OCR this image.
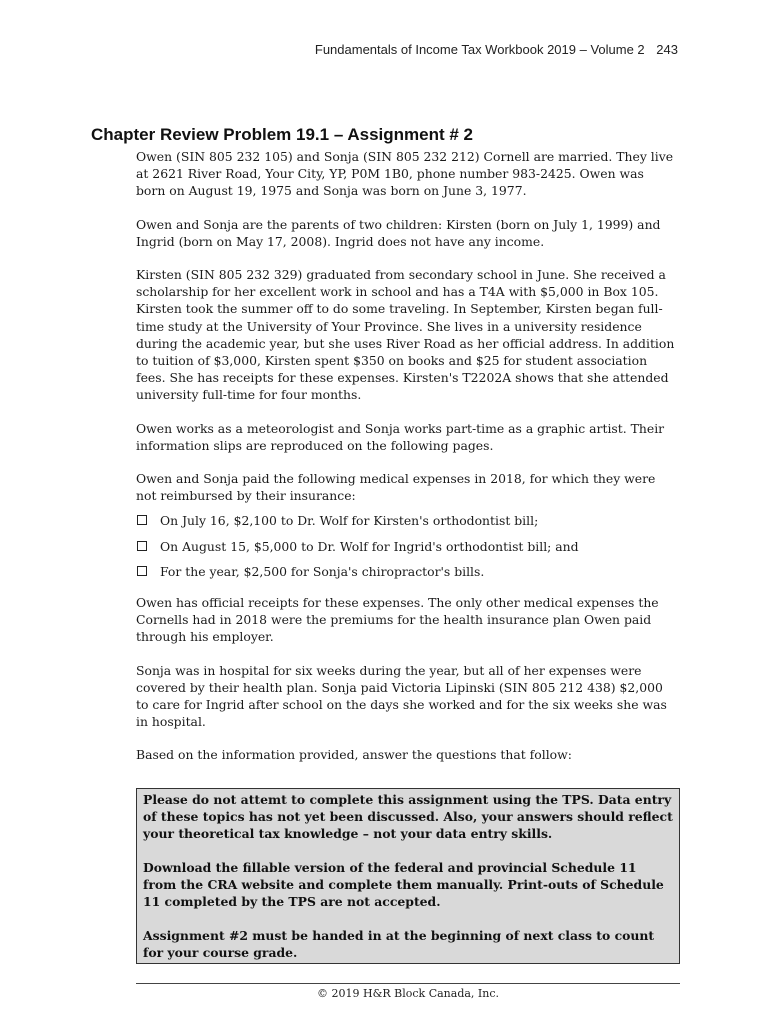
Fundamentals of Income Tax Workbook 2019 – Volume 2 243
Chapter Review Problem 19.1 – Assignment # 2

Owen (SIN 805 232 105) and Sonja (SIN 805 232 212) Cornell are married. They live at 2621 River Road, Your City, YP, P0M 1B0, phone number 983-2425. Owen was born on August 19, 1975 and Sonja was born on June 3, 1977.

Owen and Sonja are the parents of two children: Kirsten (born on July 1, 1999) and Ingrid (born on May 17, 2008). Ingrid does not have any income.

Kirsten (SIN 805 232 329) graduated from secondary school in June. She received a scholarship for her excellent work in school and has a T4A with $5,000 in Box 105. Kirsten took the summer off to do some traveling. In September, Kirsten began full-time study at the University of Your Province. She lives in a university residence during the academic year, but she uses River Road as her official address. In addition to tuition of $3,000, Kirsten spent $350 on books and $25 for student association fees. She has receipts for these expenses. Kirsten's T2202A shows that she attended university full-time for four months.

Owen works as a meteorologist and Sonja works part-time as a graphic artist. Their information slips are reproduced on the following pages.

Owen and Sonja paid the following medical expenses in 2018, for which they were not reimbursed by their insurance:

On July 16, $2,100 to Dr. Wolf for Kirsten's orthodontist bill;
On August 15, $5,000 to Dr. Wolf for Ingrid's orthodontist bill; and
For the year, $2,500 for Sonja's chiropractor's bills.

Owen has official receipts for these expenses. The only other medical expenses the Cornells had in 2018 were the premiums for the health insurance plan Owen paid through his employer.

Sonja was in hospital for six weeks during the year, but all of her expenses were covered by their health plan. Sonja paid Victoria Lipinski (SIN 805 212 438) $2,000 to care for Ingrid after school on the days she worked and for the six weeks she was in hospital.

Based on the information provided, answer the questions that follow:

Please do not attemt to complete this assignment using the TPS. Data entry of these topics has not yet been discussed. Also, your answers should reflect your theoretical tax knowledge – not your data entry skills.

Download the fillable version of the federal and provincial Schedule 11 from the CRA website and complete them manually. Print-outs of Schedule 11 completed by the TPS are not accepted.

Assignment #2 must be handed in at the beginning of next class to count for your course grade.

© 2019 H&R Block Canada, Inc.
